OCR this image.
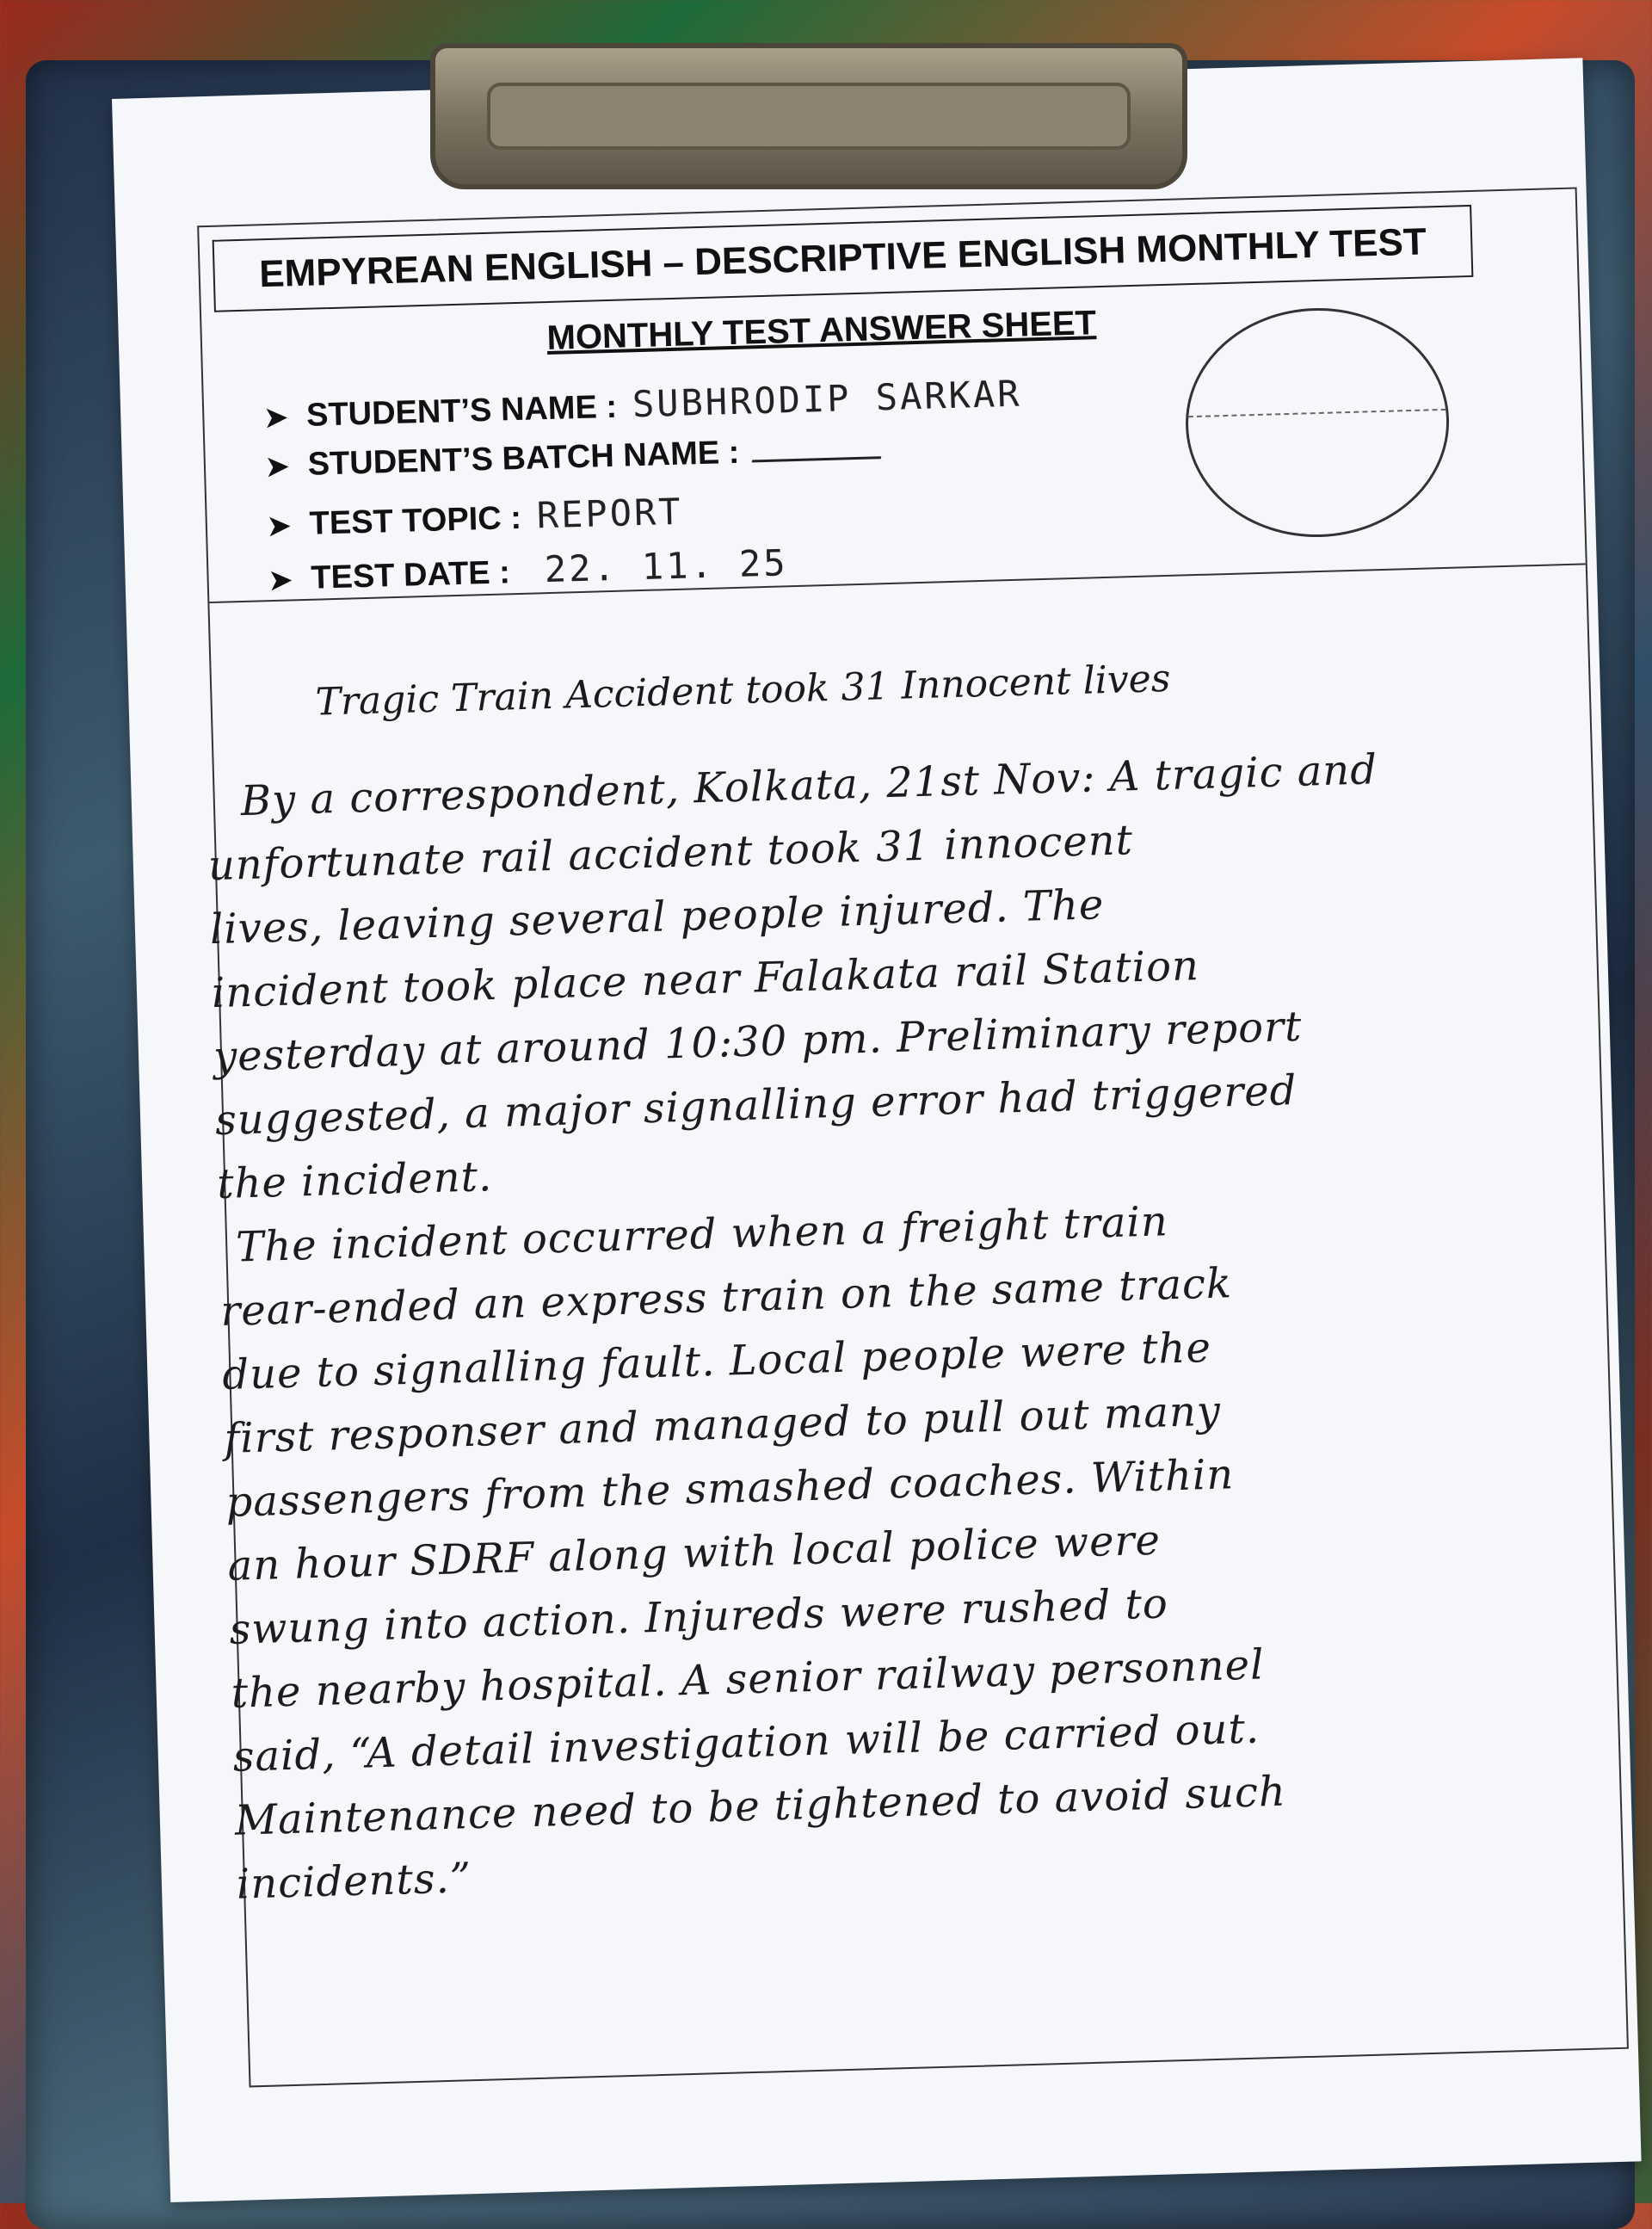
EMPYREAN ENGLISH – DESCRIPTIVE ENGLISH MONTHLY TEST
MONTHLY TEST ANSWER SHEET
➤ STUDENT’S NAME : SUBHRODIP SARKAR
➤ STUDENT’S BATCH NAME :
➤ TEST TOPIC : REPORT
➤ TEST DATE : 22. 11. 25
Tragic Train Accident took 31 Innocent lives
By a correspondent, Kolkata, 21st Nov: A tragic and
unfortunate rail accident took 31 innocent
lives, leaving several people injured. The
incident took place near Falakata rail Station
yesterday at around 10:30 pm. Preliminary report
suggested, a major signalling error had triggered
the incident.
The incident occurred when a freight train
rear-ended an express train on the same track
due to signalling fault. Local people were the
first responser and managed to pull out many
passengers from the smashed coaches. Within
an hour SDRF along with local police were
swung into action. Injureds were rushed to
the nearby hospital. A senior railway personnel
said, “A detail investigation will be carried out.
Maintenance need to be tightened to avoid such
incidents.”
